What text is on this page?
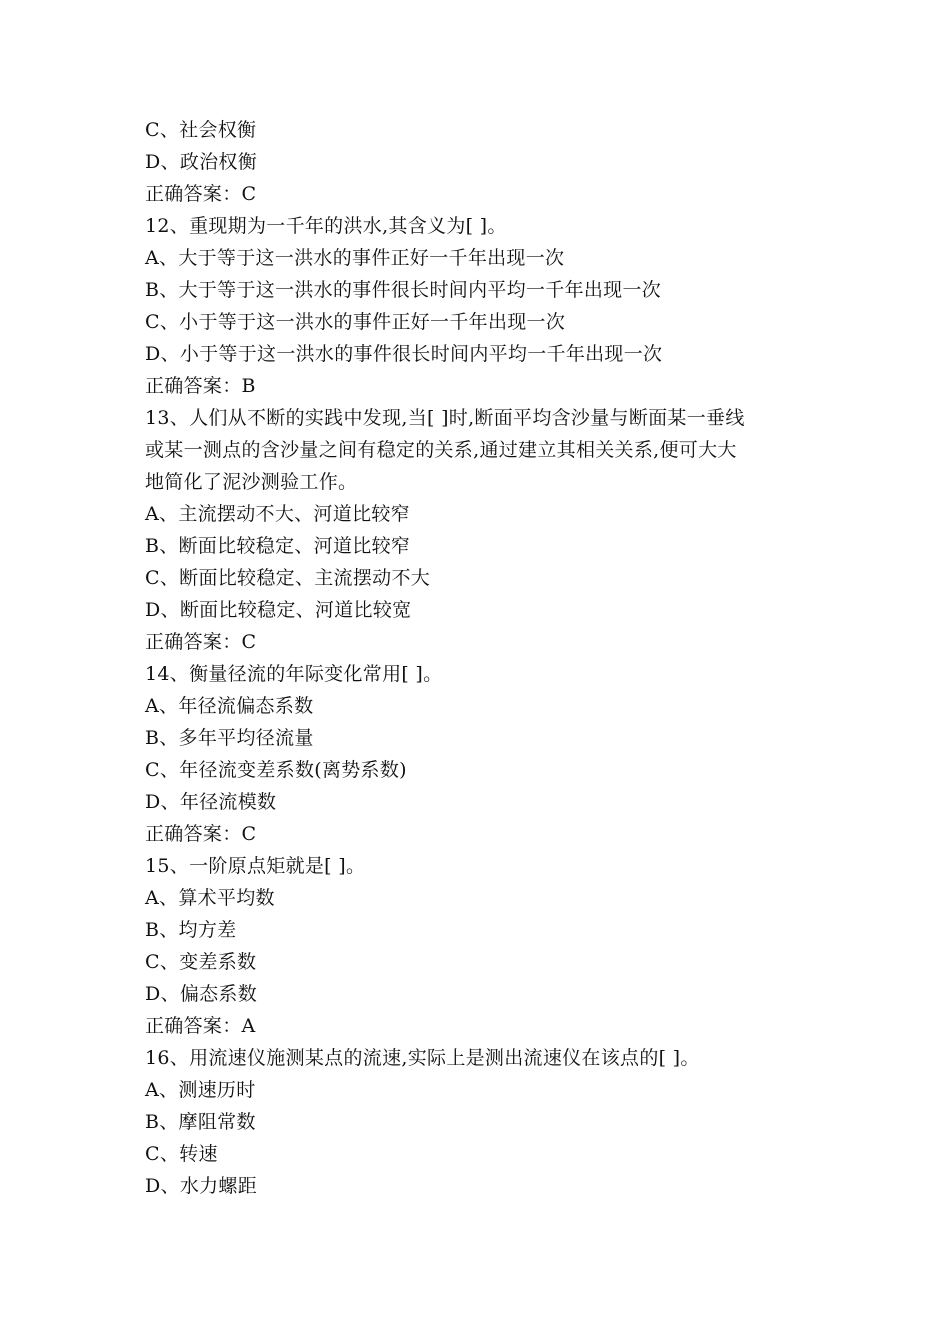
C、社会权衡
D、政治权衡
正确答案：C
12、重现期为一千年的洪水,其含义为[ ]。
A、大于等于这一洪水的事件正好一千年出现一次
B、大于等于这一洪水的事件很长时间内平均一千年出现一次
C、小于等于这一洪水的事件正好一千年出现一次
D、小于等于这一洪水的事件很长时间内平均一千年出现一次
正确答案：B
13、人们从不断的实践中发现,当[ ]时,断面平均含沙量与断面某一垂线
或某一测点的含沙量之间有稳定的关系,通过建立其相关关系,便可大大
地简化了泥沙测验工作。
A、主流摆动不大、河道比较窄
B、断面比较稳定、河道比较窄
C、断面比较稳定、主流摆动不大
D、断面比较稳定、河道比较宽
正确答案：C
14、衡量径流的年际变化常用[ ]。
A、年径流偏态系数
B、多年平均径流量
C、年径流变差系数(离势系数)
D、年径流模数
正确答案：C
15、一阶原点矩就是[ ]。
A、算术平均数
B、均方差
C、变差系数
D、偏态系数
正确答案：A
16、用流速仪施测某点的流速,实际上是测出流速仪在该点的[ ]。
A、测速历时
B、摩阻常数
C、转速
D、水力螺距
